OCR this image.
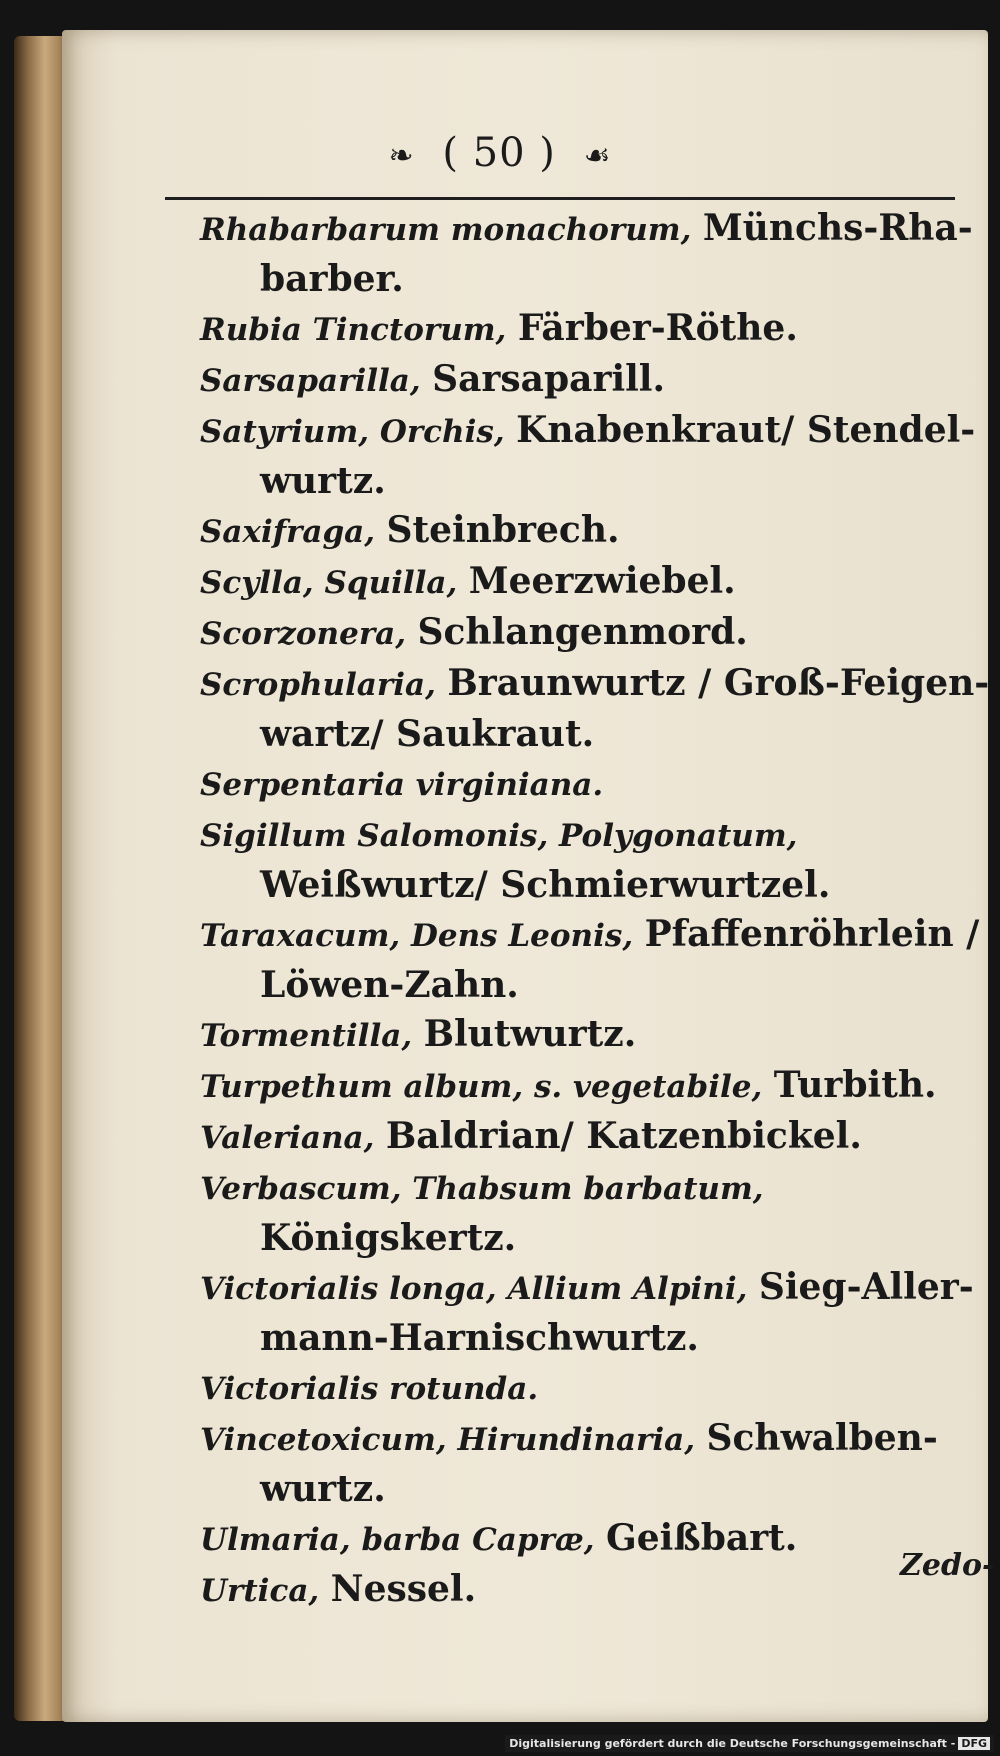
❧ ( 50 ) ☙

Rhabarbarum monachorum, Münchs-Rha-barber.

Rubia Tinctorum, Färber-Röthe.

Sarsaparilla, Sarsaparill.

Satyrium, Orchis, Knabenkraut/ Stendel-wurtz.

Saxifraga, Steinbrech.

Scylla, Squilla, Meerzwiebel.

Scorzonera, Schlangenmord.

Scrophularia, Braunwurtz / Groß-Feigen-wartz/ Saukraut.

Serpentaria virginiana.

Sigillum Salomonis, Polygonatum, Weißwurtz/ Schmierwurtzel.

Taraxacum, Dens Leonis, Pfaffenröhrlein / Löwen-Zahn.

Tormentilla, Blutwurtz.

Turpethum album, s. vegetabile, Turbith.

Valeriana, Baldrian/ Katzenbickel.

Verbascum, Thabsum barbatum, Königskertz.

Victorialis longa, Allium Alpini, Sieg-Aller-mann-Harnischwurtz.

Victorialis rotunda.

Vincetoxicum, Hirundinaria, Schwalben-wurtz.

Ulmaria, barba Capræ, Geißbart.

Urtica, Nessel.

Zedo-
Digitalisierung gefördert durch die Deutsche Forschungsgemeinschaft - DFG
